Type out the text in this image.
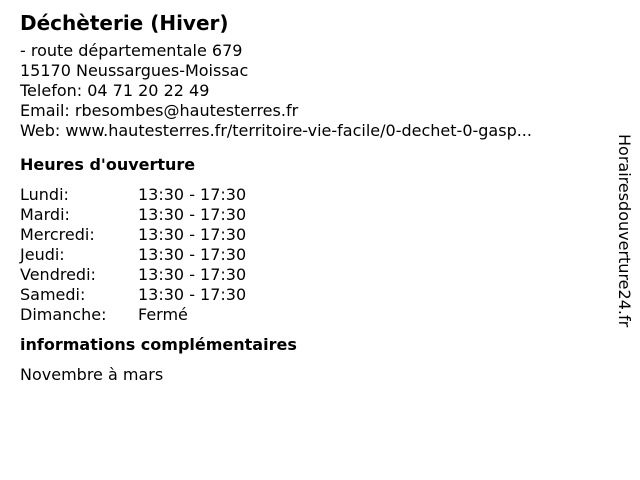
Déchèterie (Hiver)
- route départementale 679
15170 Neussargues-Moissac
Telefon: 04 71 20 22 49
Email: rbesombes@hautesterres.fr
Web: www.hautesterres.fr/territoire-vie-facile/0-dechet-0-gasp...
Heures d'ouverture
Lundi:	13:30 - 17:30
Mardi:	13:30 - 17:30
Mercredi:	13:30 - 17:30
Jeudi:	13:30 - 17:30
Vendredi:	13:30 - 17:30
Samedi:	13:30 - 17:30
Dimanche:	Fermé
informations complémentaires
Novembre à mars
Horairesdouverture24.fr
